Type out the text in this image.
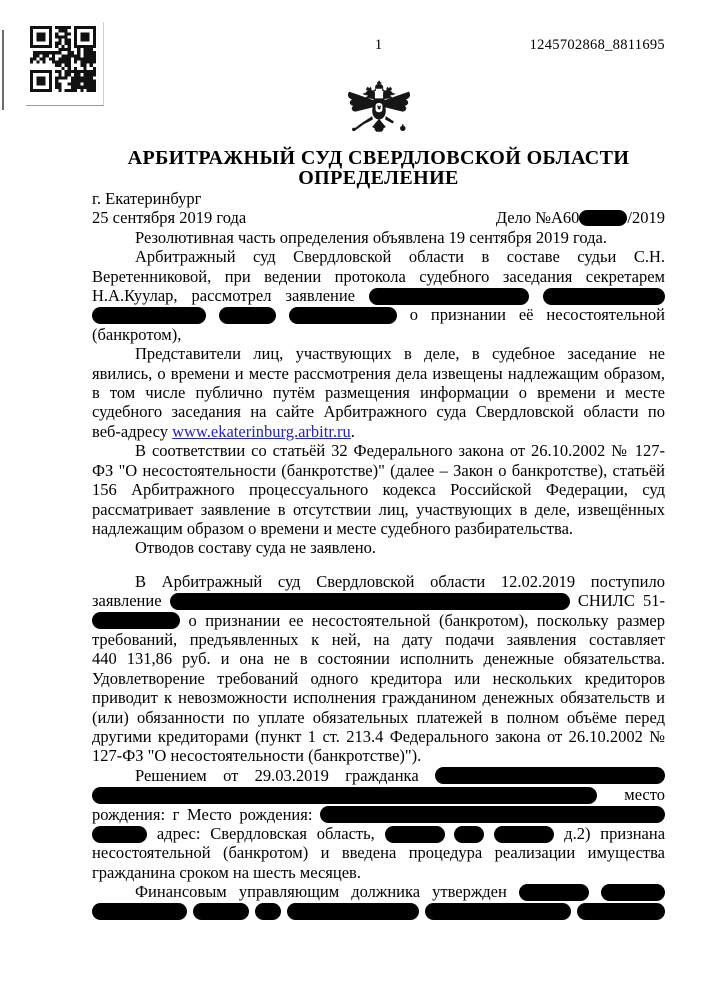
1	1245702868_8811695
АРБИТРАЖНЫЙ СУД СВЕРДЛОВСКОЙ ОБЛАСТИ
ОПРЕДЕЛЕНИЕ
г. Екатеринбург
25 сентября 2019 года	Дело №А60	/2019
Резолютивная часть определения объявлена 19 сентября 2019 года.
Арбитражный суд Свердловской области в составе судьи С.Н.
Веретенниковой, при ведении протокола судебного заседания секретарем
Н.А.Куулар, рассмотрел заявление
о признании её несостоятельной
(банкротом),
Представители лиц, участвующих в деле, в судебное заседание не
явились, о времени и месте рассмотрения дела извещены надлежащим образом,
в том числе публично путём размещения информации о времени и месте
судебного заседания на сайте Арбитражного суда Свердловской области по
веб-адресу www.ekaterinburg.arbitr.ru.
В соответствии со статьёй 32 Федерального закона от 26.10.2002 № 127-
ФЗ "О несостоятельности (банкротстве)" (далее – Закон о банкротстве), статьёй
156 Арбитражного процессуального кодекса Российской Федерации, суд
рассматривает заявление в отсутствии лиц, участвующих в деле, извещённых
надлежащим образом о времени и месте судебного разбирательства.
Отводов составу суда не заявлено.
В Арбитражный суд Свердловской области 12.02.2019 поступило
заявление	СНИЛС 51-
о признании ее несостоятельной (банкротом), поскольку размер
требований, предъявленных к ней, на дату подачи заявления составляет
440 131,86 руб. и она не в состоянии исполнить денежные обязательства.
Удовлетворение требований одного кредитора или нескольких кредиторов
приводит к невозможности исполнения гражданином денежных обязательств и
(или) обязанности по уплате обязательных платежей в полном объёме перед
другими кредиторами (пункт 1 ст. 213.4 Федерального закона от 26.10.2002 №
127-ФЗ "О несостоятельности (банкротстве)").
Решением от 29.03.2019 гражданка
место
рождения: г Место рождения:
адрес: Свердловская область,	д.2) признана
несостоятельной (банкротом) и введена процедура реализации имущества
гражданина сроком на шесть месяцев.
Финансовым управляющим должника утвержден
